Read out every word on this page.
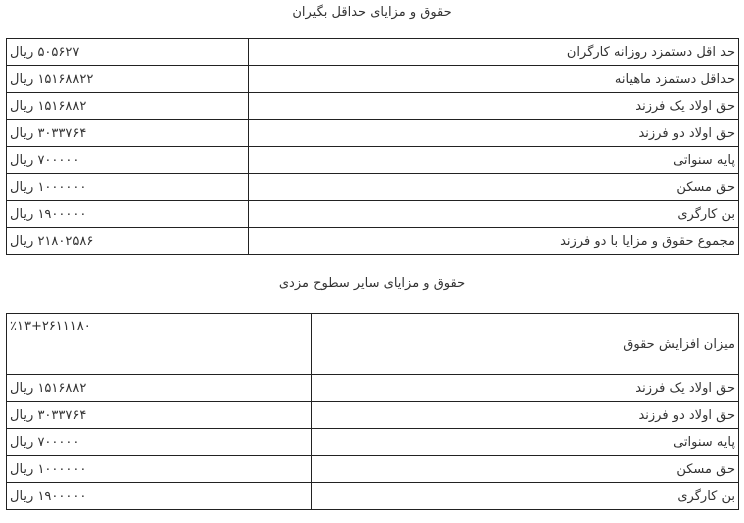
حقوق و مزایای حداقل بگیران
حد اقل دستمزد روزانه کارگران	۵۰۵۶۲۷ ریال
حداقل دستمزد ماهیانه	۱۵۱۶۸۸۲۲ ریال
حق اولاد یک فرزند	۱۵۱۶۸۸۲ ریال
حق اولاد دو فرزند	۳۰۳۳۷۶۴ ریال
پایه سنواتی	۷۰۰۰۰۰ ریال
حق مسکن	۱۰۰۰۰۰۰ ریال
بن کارگری	۱۹۰۰۰۰۰ ریال
مجموع حقوق و مزایا با دو فرزند	۲۱۸۰۲۵۸۶ ریال
حقوق و مزایای سایر سطوح مزدی
میزان افزایش حقوق	٪۱۳+۲۶۱۱۱۸۰
حق اولاد یک فرزند	۱۵۱۶۸۸۲ ریال
حق اولاد دو فرزند	۳۰۳۳۷۶۴ ریال
پایه سنواتی	۷۰۰۰۰۰ ریال
حق مسکن	۱۰۰۰۰۰۰ ریال
بن کارگری	۱۹۰۰۰۰۰ ریال
